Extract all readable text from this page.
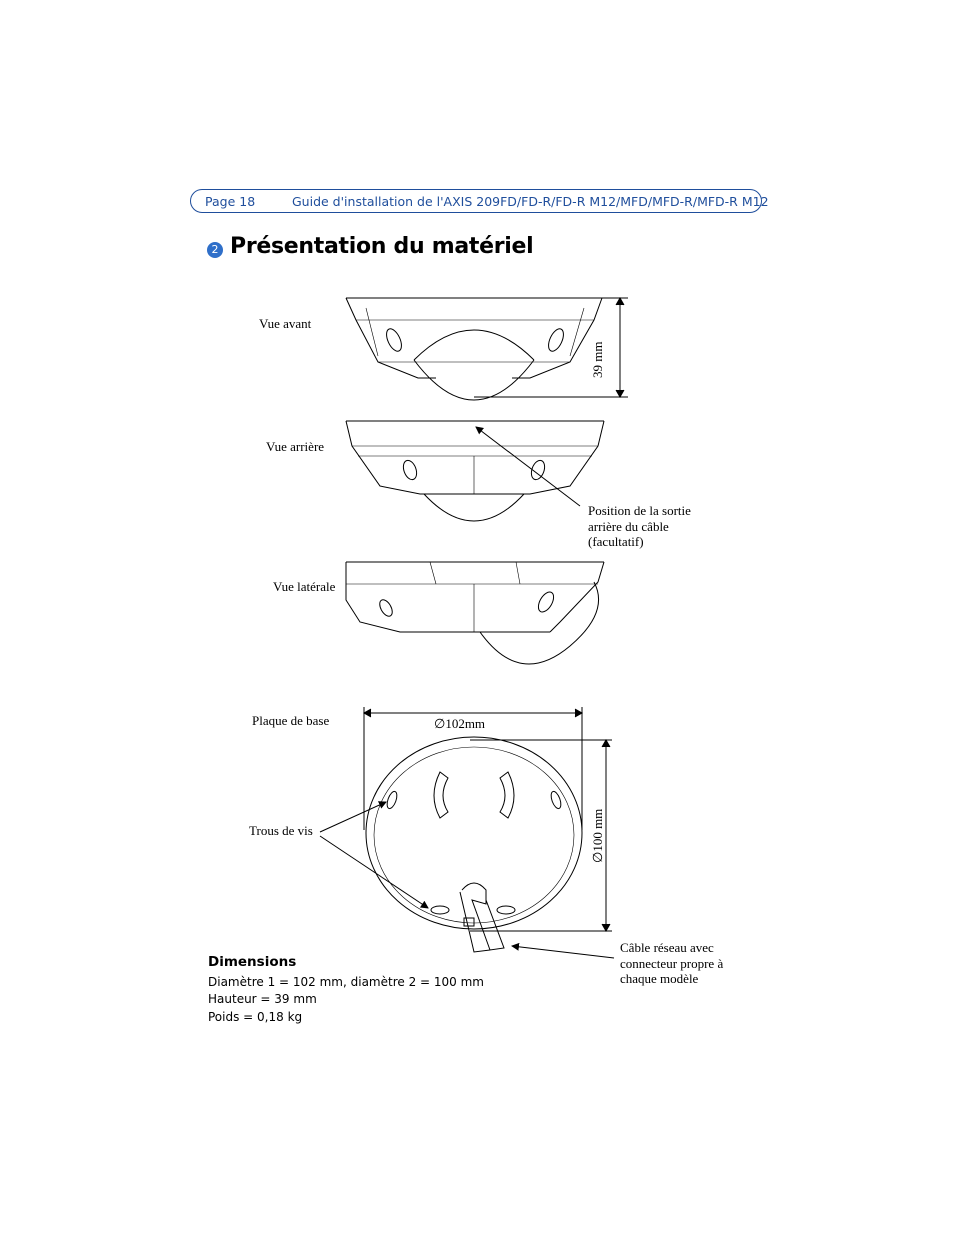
Page 18	Guide d'installation de l'AXIS 209FD/FD-R/FD-R M12/MFD/MFD-R/MFD-R M12
2 Présentation du matériel
Vue avant
Vue arrière
Vue latérale
Plaque de base
Trous de vis
39 mm
∅102mm
∅100 mm
Position de la sortie
arrière du câble
(facultatif)
Câble réseau avec
connecteur propre à
chaque modèle
Dimensions
Diamètre 1 = 102 mm, diamètre 2 = 100 mm
Hauteur = 39 mm
Poids = 0,18 kg
